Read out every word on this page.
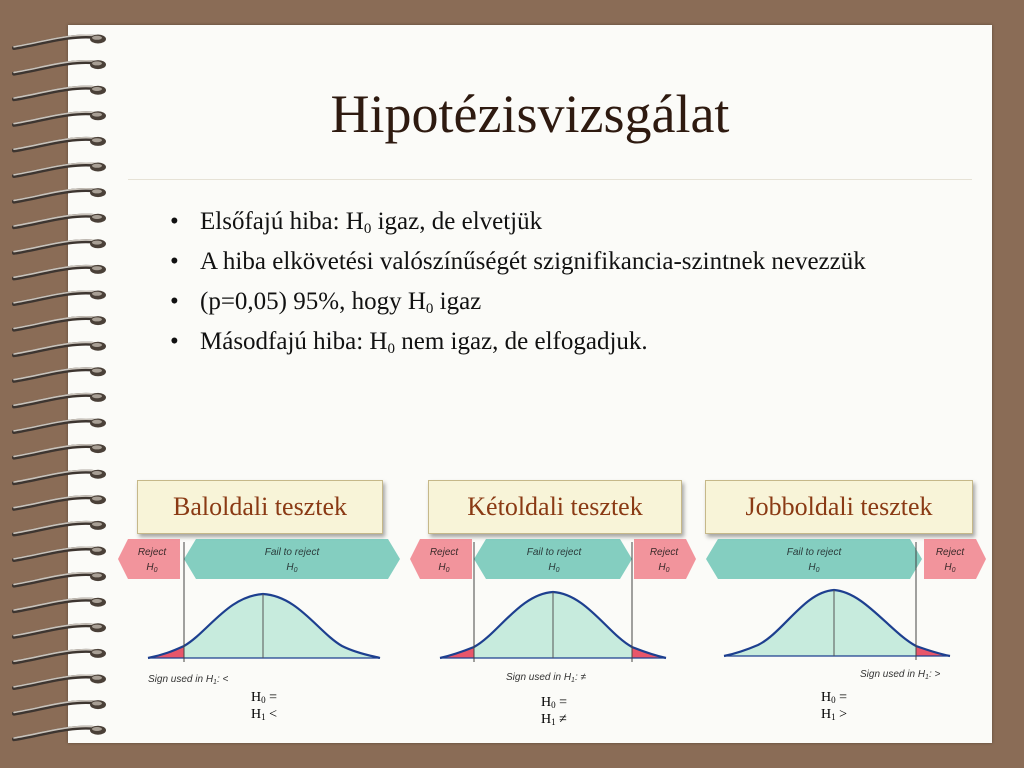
Hipotézisvizsgálat
• Elsőfajú hiba: $H_0$ igaz, de elvetjük
• A hiba elkövetési valószínűségét szignifikancia-szintnek nevezzük
• (p=0,05) 95%, hogy $H_0$ igaz
• Másodfajú hiba: $H_0$ nem igaz, de elfogadjuk.
Baloldali tesztek	Kétoldali tesztek	Jobboldali tesztek
Reject
$H_0$
Fail to reject
$H_0$
Sign used in $H_1$: <
Reject
$H_0$
Fail to reject
$H_0$
Reject
$H_0$
Sign used in $H_1$: ≠
Fail to reject
$H_0$
Reject
$H_0$
Sign used in $H_1$: >
$H_0$ =
$H_1$ <
$H_0$ =
$H_1$ ≠
$H_0$ =
$H_1$ >
